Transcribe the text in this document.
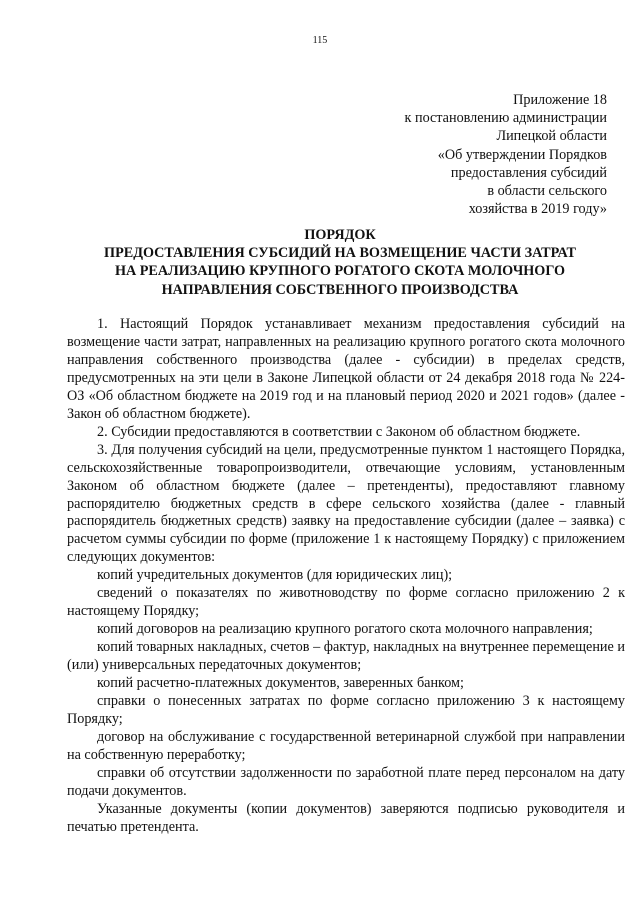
115
Приложение 18
к постановлению администрации
Липецкой области
«Об утверждении Порядков
предоставления субсидий
в области сельского
хозяйства в 2019 году»
ПОРЯДОК
ПРЕДОСТАВЛЕНИЯ СУБСИДИЙ НА ВОЗМЕЩЕНИЕ ЧАСТИ ЗАТРАТ
НА РЕАЛИЗАЦИЮ КРУПНОГО РОГАТОГО СКОТА МОЛОЧНОГО
НАПРАВЛЕНИЯ СОБСТВЕННОГО ПРОИЗВОДСТВА

1. Настоящий Порядок устанавливает механизм предоставления субсидий на возмещение части затрат, направленных на реализацию крупного рогатого скота молочного направления собственного производства (далее - субсидии) в пределах средств, предусмотренных на эти цели в Законе Липецкой области от 24 декабря 2018 года № 224-ОЗ «Об областном бюджете на 2019 год и на плановый период 2020 и 2021 годов» (далее - Закон об областном бюджете).

2. Субсидии предоставляются в соответствии с Законом об областном бюджете.

3. Для получения субсидий на цели, предусмотренные пунктом 1 настоящего Порядка, сельскохозяйственные товаропроизводители, отвечающие условиям, установленным Законом об областном бюджете (далее – претенденты), предоставляют главному распорядителю бюджетных средств в сфере сельского хозяйства (далее - главный распорядитель бюджетных средств) заявку на предоставление субсидии (далее – заявка) с расчетом суммы субсидии по форме (приложение 1 к настоящему Порядку) с приложением следующих документов:

копий учредительных документов (для юридических лиц);

сведений о показателях по животноводству по форме согласно приложению 2 к настоящему Порядку;

копий договоров на реализацию крупного рогатого скота молочного направления;

копий товарных накладных, счетов – фактур, накладных на внутреннее перемещение и (или) универсальных передаточных документов;

копий расчетно-платежных документов, заверенных банком;

справки о понесенных затратах по форме согласно приложению 3 к настоящему Порядку;

договор на обслуживание с государственной ветеринарной службой при направлении на собственную переработку;

справки об отсутствии задолженности по заработной плате перед персоналом на дату подачи документов.

Указанные документы (копии документов) заверяются подписью руководителя и печатью претендента.
